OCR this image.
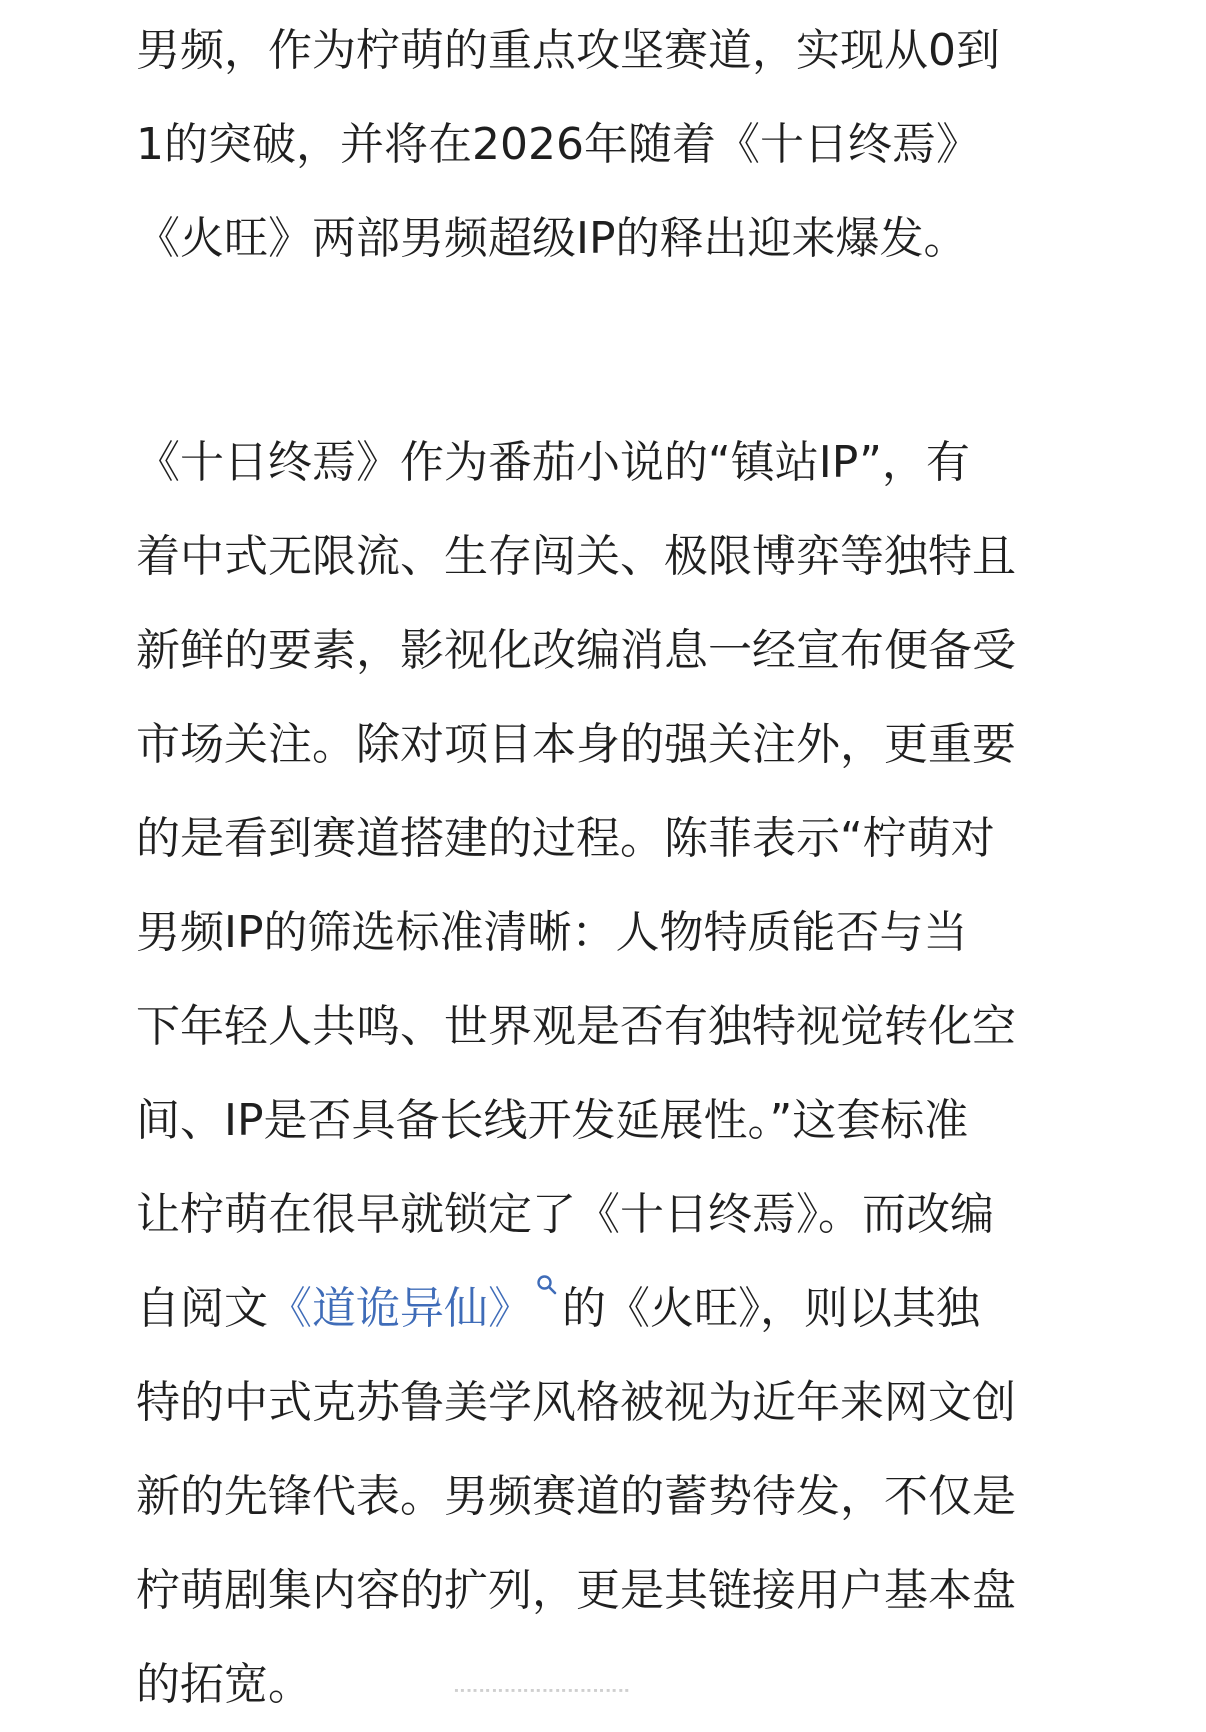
男频，作为柠萌的重点攻坚赛道，实现从0到
1的突破，并将在2026年随着《十日终焉》
《火旺》两部男频超级IP的释出迎来爆发。

《十日终焉》作为番茄小说的“镇站IP”，有
着中式无限流、生存闯关、极限博弈等独特且
新鲜的要素，影视化改编消息一经宣布便备受
市场关注。除对项目本身的强关注外，更重要
的是看到赛道搭建的过程。陈菲表示“柠萌对
男频IP的筛选标准清晰：人物特质能否与当
下年轻人共鸣、世界观是否有独特视觉转化空
间、IP是否具备长线开发延展性。”这套标准
让柠萌在很早就锁定了《十日终焉》。而改编
自阅文《道诡异仙》 的《火旺》，则以其独
特的中式克苏鲁美学风格被视为近年来网文创
新的先锋代表。男频赛道的蓄势待发，不仅是
柠萌剧集内容的扩列，更是其链接用户基本盘
的拓宽。	⠒⠒⠒⠒⠒⠒⠒⠒⠒⠒⠒⠒⠒⠒
